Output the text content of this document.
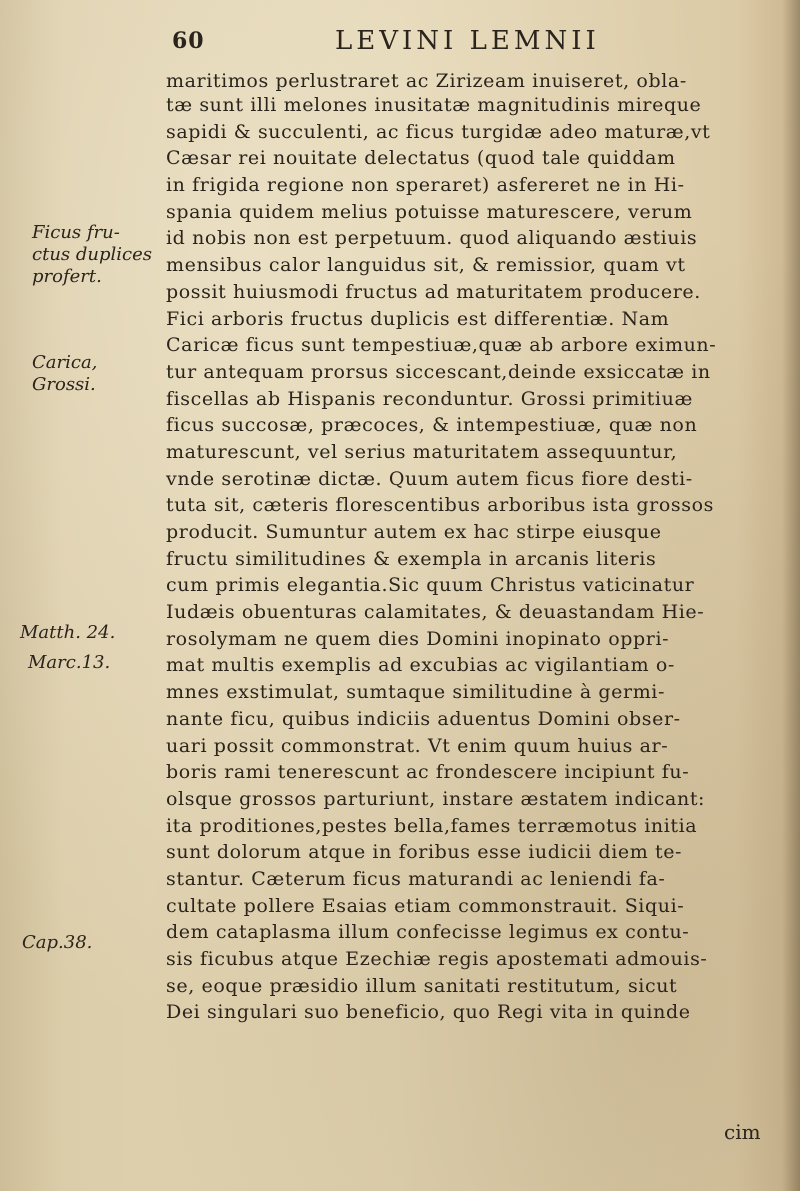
60	LEVINI LEMNII
maritimos perlustraret ac Zirizeam inuiseret, obla-
tæ sunt illi melones inusitatæ magnitudinis mireque
sapidi & succulenti, ac ficus turgidæ adeo maturæ,vt
Cæsar rei nouitate delectatus (quod tale quiddam
in frigida regione non speraret) asfereret ne in Hi-
spania quidem melius potuisse maturescere, verum
id nobis non est perpetuum. quod aliquando æstiuis
mensibus calor languidus sit, & remissior, quam vt
possit huiusmodi fructus ad maturitatem producere.
Fici arboris fructus duplicis est differentiæ. Nam
Caricæ ficus sunt tempestiuæ,quæ ab arbore eximun-
tur antequam prorsus siccescant,deinde exsiccatæ in
fiscellas ab Hispanis reconduntur. Grossi primitiuæ
ficus succosæ, præcoces, & intempestiuæ, quæ non
maturescunt, vel serius maturitatem assequuntur,
vnde serotinæ dictæ. Quum autem ficus fiore desti-
tuta sit, cæteris florescentibus arboribus ista grossos
producit. Sumuntur autem ex hac stirpe eiusque
fructu similitudines & exempla in arcanis literis
cum primis elegantia.Sic quum Christus vaticinatur
Iudæis obuenturas calamitates, & deuastandam Hie-
rosolymam ne quem dies Domini inopinato oppri-
mat multis exemplis ad excubias ac vigilantiam o-
mnes exstimulat, sumtaque similitudine à germi-
nante ficu, quibus indiciis aduentus Domini obser-
uari possit commonstrat. Vt enim quum huius ar-
boris rami tenerescunt ac frondescere incipiunt fu-
olsque grossos parturiunt, instare æstatem indicant:
ita proditiones,pestes bella,fames terræmotus initia
sunt dolorum atque in foribus esse iudicii diem te-
stantur. Cæterum ficus maturandi ac leniendi fa-
cultate pollere Esaias etiam commonstrauit. Siqui-
dem cataplasma illum confecisse legimus ex contu-
sis ficubus atque Ezechiæ regis apostemati admouis-
se, eoque præsidio illum sanitati restitutum, sicut
Dei singulari suo beneficio, quo Regi vita in quinde
Ficus fru-
ctus duplices
profert.
Carica,
Grossi.
Matth. 24.
Marc.13.
Cap.38.
cim
